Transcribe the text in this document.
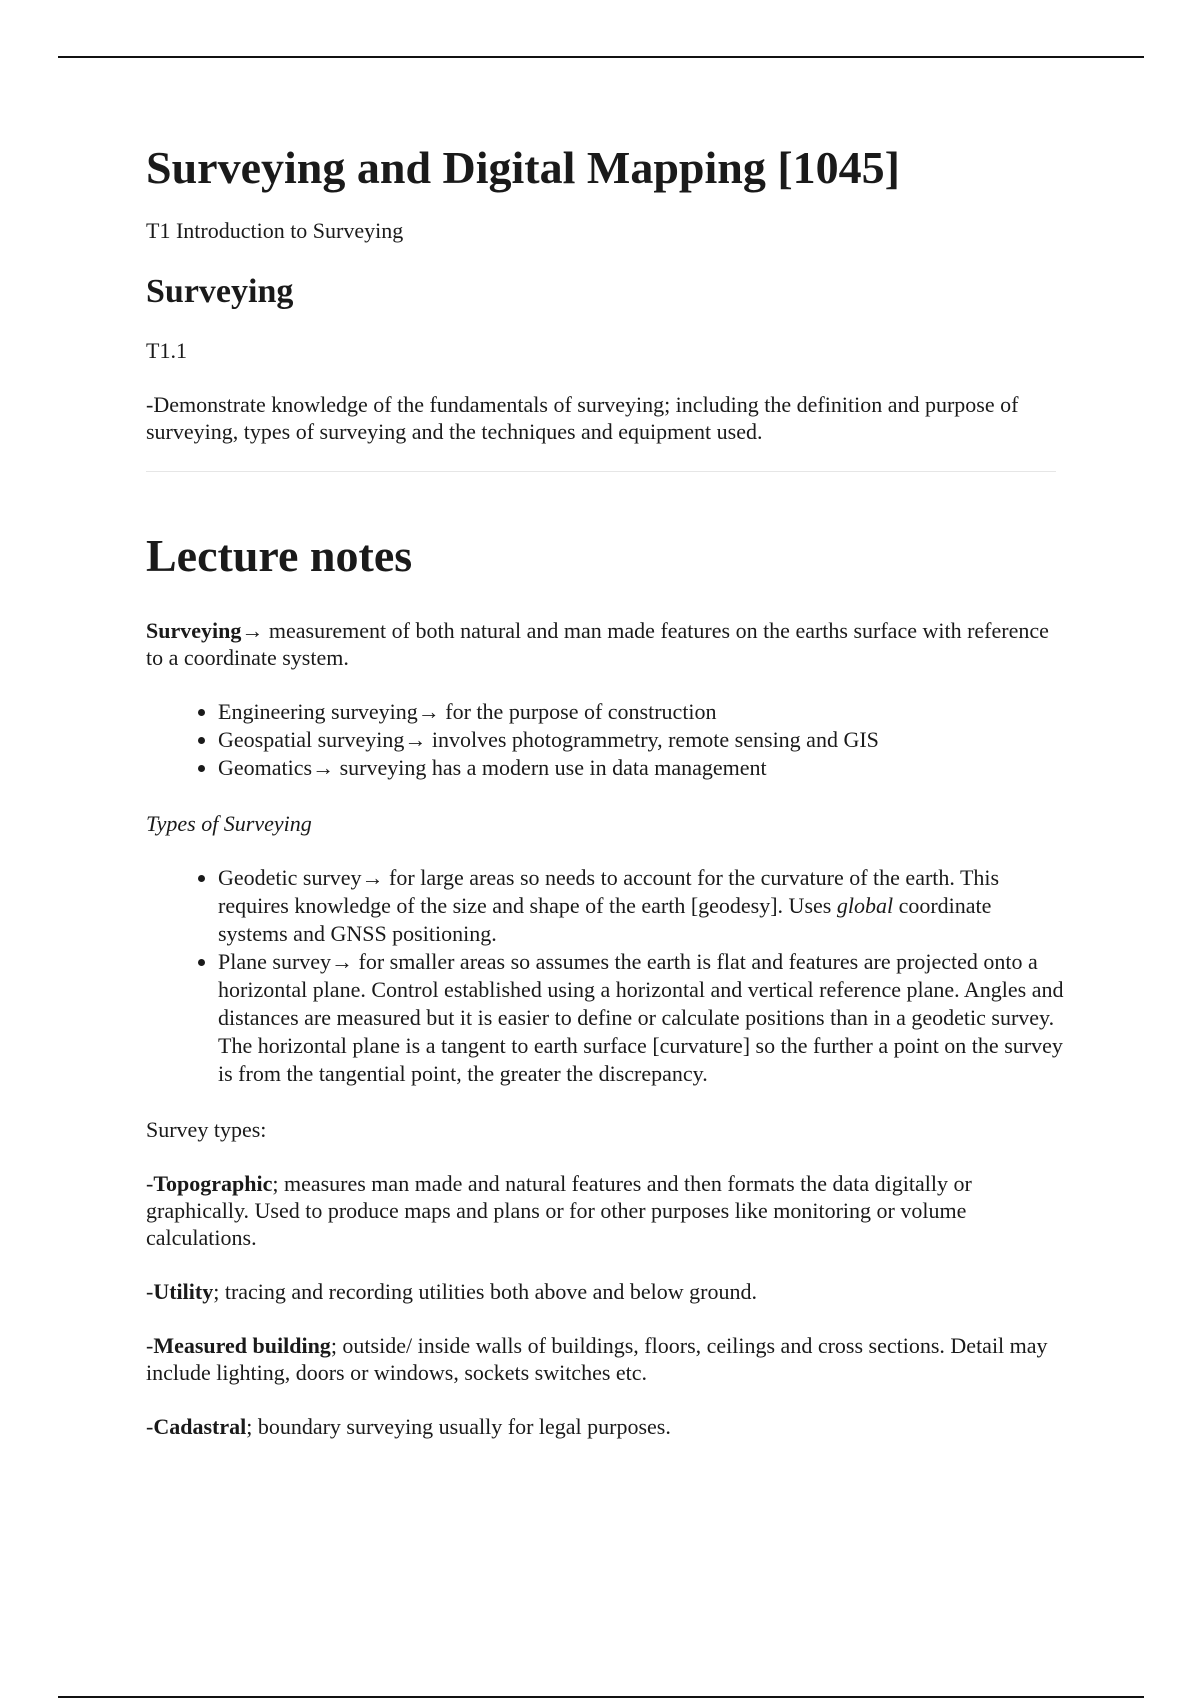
Surveying and Digital Mapping [1045]

T1 Introduction to Surveying

Surveying

T1.1

-Demonstrate knowledge of the fundamentals of surveying; including the definition and purpose of surveying, types of surveying and the techniques and equipment used.

Lecture notes

Surveying→ measurement of both natural and man made features on the earths surface with reference to a coordinate system.

• Engineering surveying→ for the purpose of construction
• Geospatial surveying→ involves photogrammetry, remote sensing and GIS
• Geomatics→ surveying has a modern use in data management

Types of Surveying

• Geodetic survey→ for large areas so needs to account for the curvature of the earth. This requires knowledge of the size and shape of the earth [geodesy]. Uses global coordinate systems and GNSS positioning.
• Plane survey→ for smaller areas so assumes the earth is flat and features are projected onto a horizontal plane. Control established using a horizontal and vertical reference plane. Angles and distances are measured but it is easier to define or calculate positions than in a geodetic survey. The horizontal plane is a tangent to earth surface [curvature] so the further a point on the survey is from the tangential point, the greater the discrepancy.

Survey types:

-Topographic; measures man made and natural features and then formats the data digitally or graphically. Used to produce maps and plans or for other purposes like monitoring or volume calculations.

-Utility; tracing and recording utilities both above and below ground.

-Measured building; outside/ inside walls of buildings, floors, ceilings and cross sections. Detail may include lighting, doors or windows, sockets switches etc.

-Cadastral; boundary surveying usually for legal purposes.
